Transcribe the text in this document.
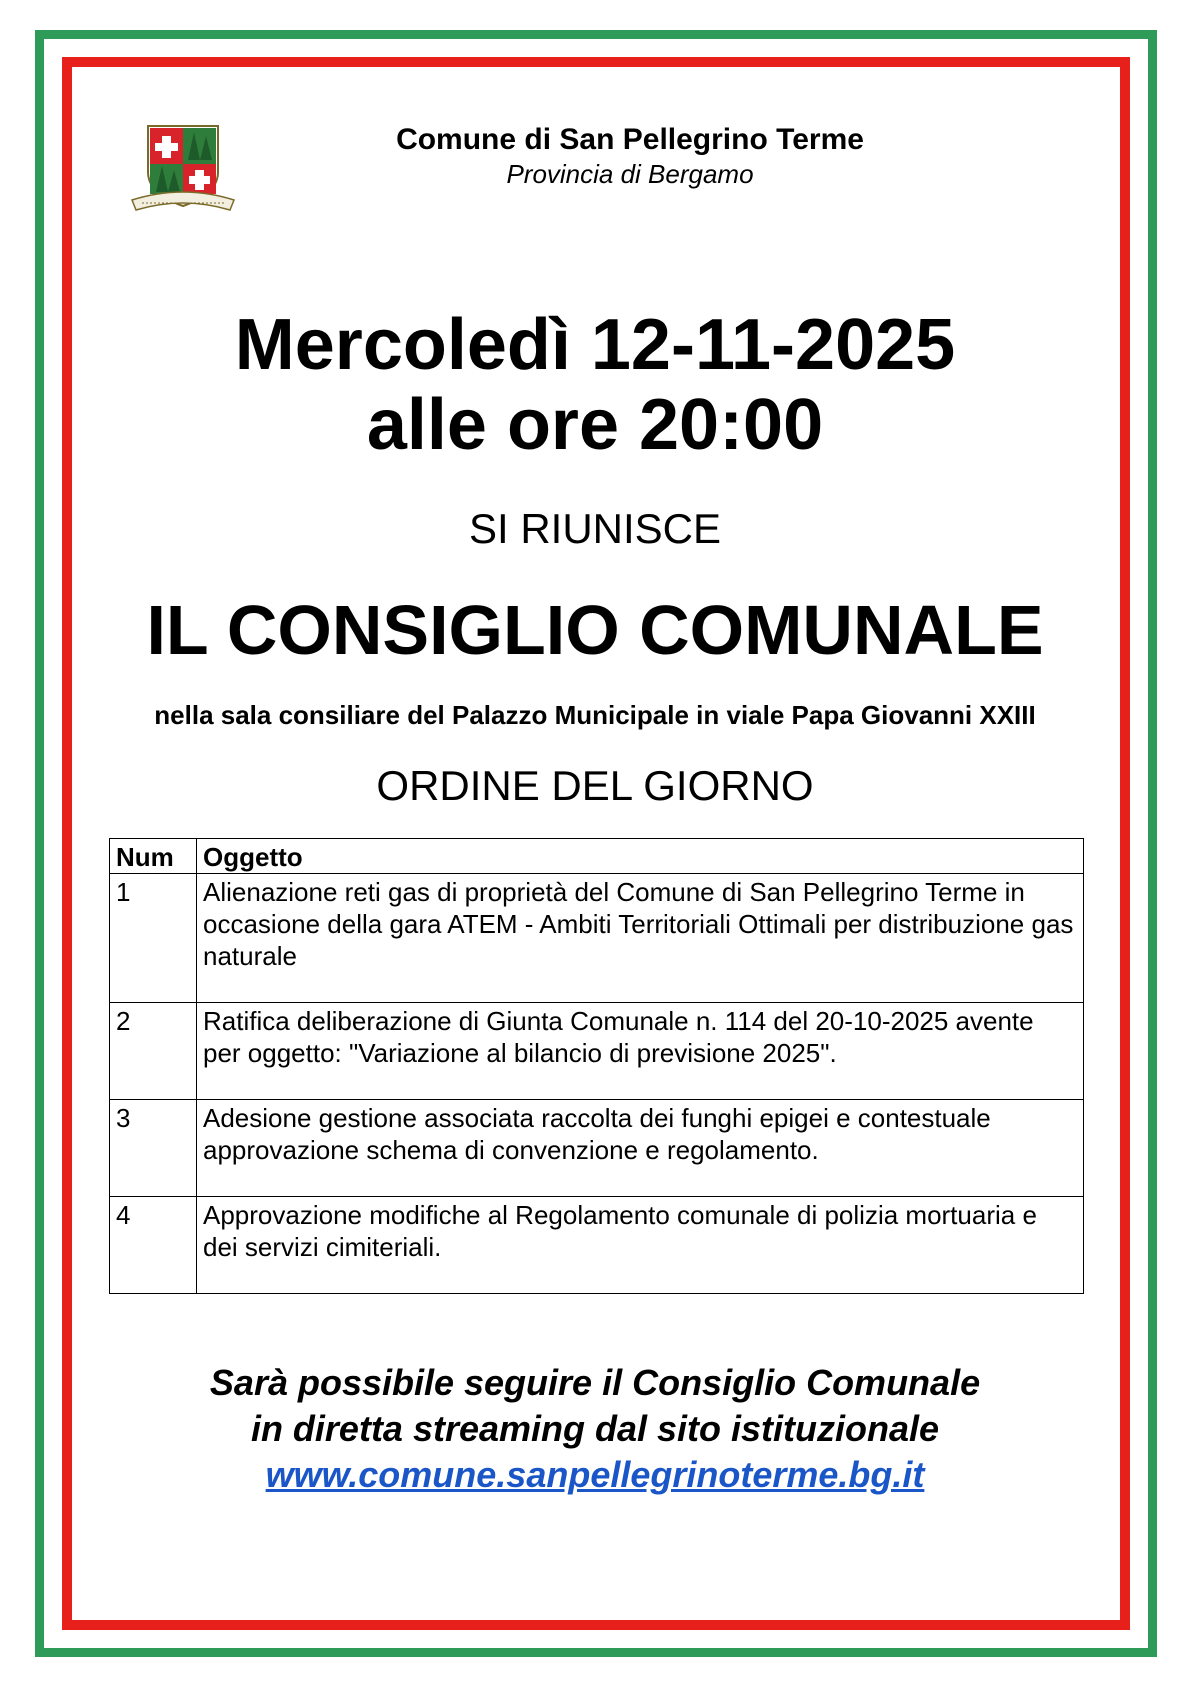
Comune di San Pellegrino Terme
Provincia di Bergamo
Mercoledì 12-11-2025
alle ore 20:00
SI RIUNISCE
IL CONSIGLIO COMUNALE
nella sala consiliare del Palazzo Municipale in viale Papa Giovanni XXIII
ORDINE DEL GIORNO
Num	Oggetto
1	Alienazione reti gas di proprietà del Comune di San Pellegrino Terme in occasione della gara ATEM - Ambiti Territoriali Ottimali per distribuzione gas naturale
2	Ratifica deliberazione di Giunta Comunale n. 114 del 20-10-2025 avente per oggetto: "Variazione al bilancio di previsione 2025".
3	Adesione gestione associata raccolta dei funghi epigei e contestuale approvazione schema di convenzione e regolamento.
4	Approvazione modifiche al Regolamento comunale di polizia mortuaria e dei servizi cimiteriali.
Sarà possibile seguire il Consiglio Comunale
in diretta streaming dal sito istituzionale
www.comune.sanpellegrinoterme.bg.it
